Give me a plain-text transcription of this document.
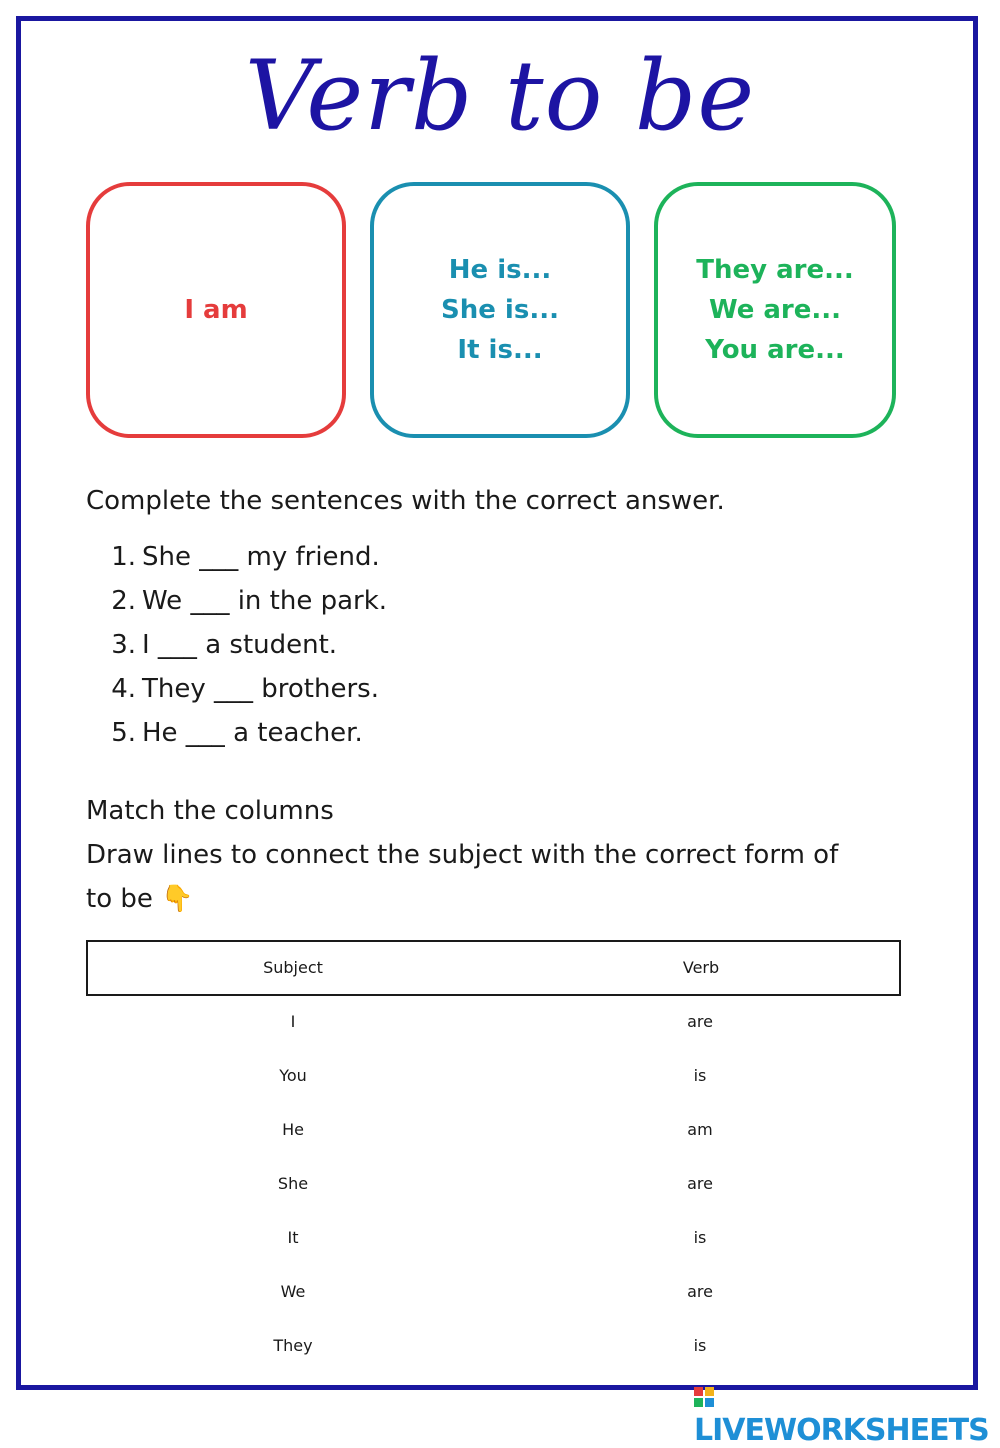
Verb to be
I am
He is...
She is...
It is...
They are...
We are...
You are...
Complete the sentences with the correct answer.
1. She ___ my friend.
2. We ___ in the park.
3. I ___ a student.
4. They ___ brothers.
5. He ___ a teacher.
Match the columns
Draw lines to connect the subject with the correct form of
to be 👇
Subject	Verb
I
You
He
She
It
We
They
are
is
am
are
is
are
is
LIVEWORKSHEETS
